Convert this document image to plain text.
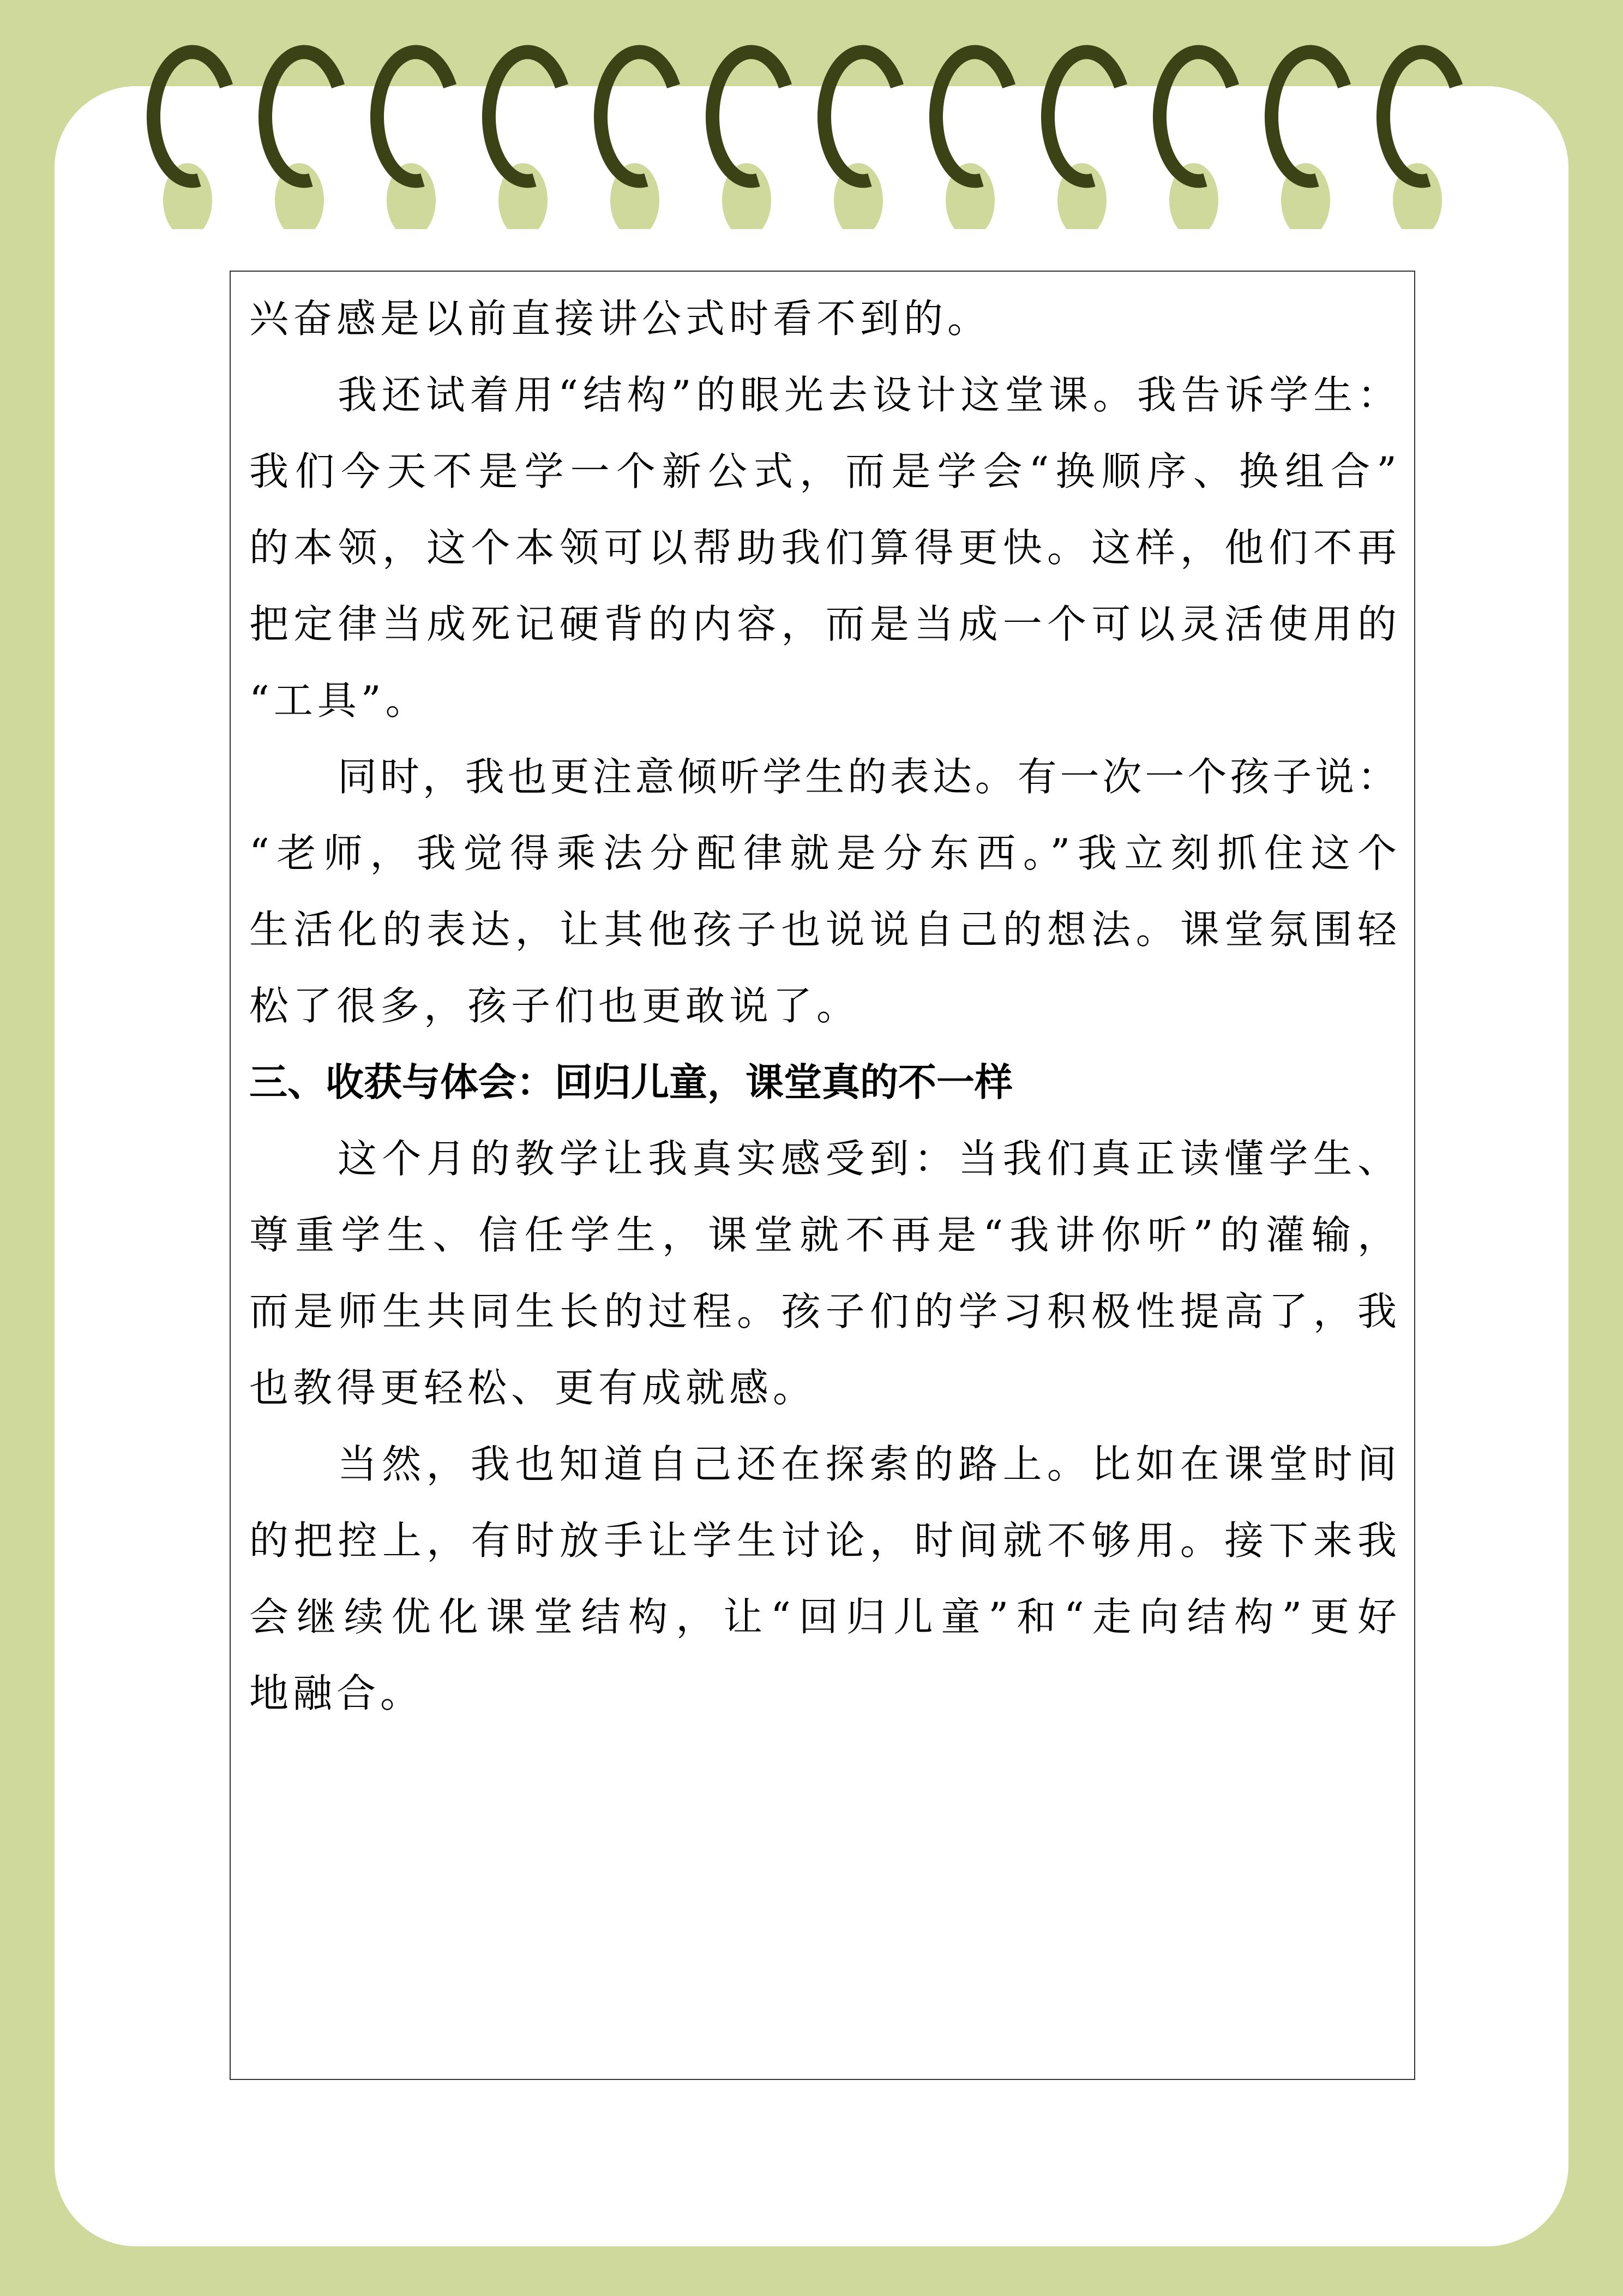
兴奋感是以前直接讲公式时看不到的。
我还试着用“结构”的眼光去设计这堂课。我告诉学生：
我们今天不是学一个新公式，而是学会“换顺序、换组合”
的本领，这个本领可以帮助我们算得更快。这样，他们不再
把定律当成死记硬背的内容，而是当成一个可以灵活使用的
“工具”。
同时，我也更注意倾听学生的表达。有一次一个孩子说：
“老师，我觉得乘法分配律就是分东西。”我立刻抓住这个
生活化的表达，让其他孩子也说说自己的想法。课堂氛围轻
松了很多，孩子们也更敢说了。
三、收获与体会：回归儿童，课堂真的不一样
这个月的教学让我真实感受到：当我们真正读懂学生、
尊重学生、信任学生，课堂就不再是“我讲你听”的灌输，
而是师生共同生长的过程。孩子们的学习积极性提高了，我
也教得更轻松、更有成就感。
当然，我也知道自己还在探索的路上。比如在课堂时间
的把控上，有时放手让学生讨论，时间就不够用。接下来我
会继续优化课堂结构，让“回归儿童”和“走向结构”更好
地融合。
